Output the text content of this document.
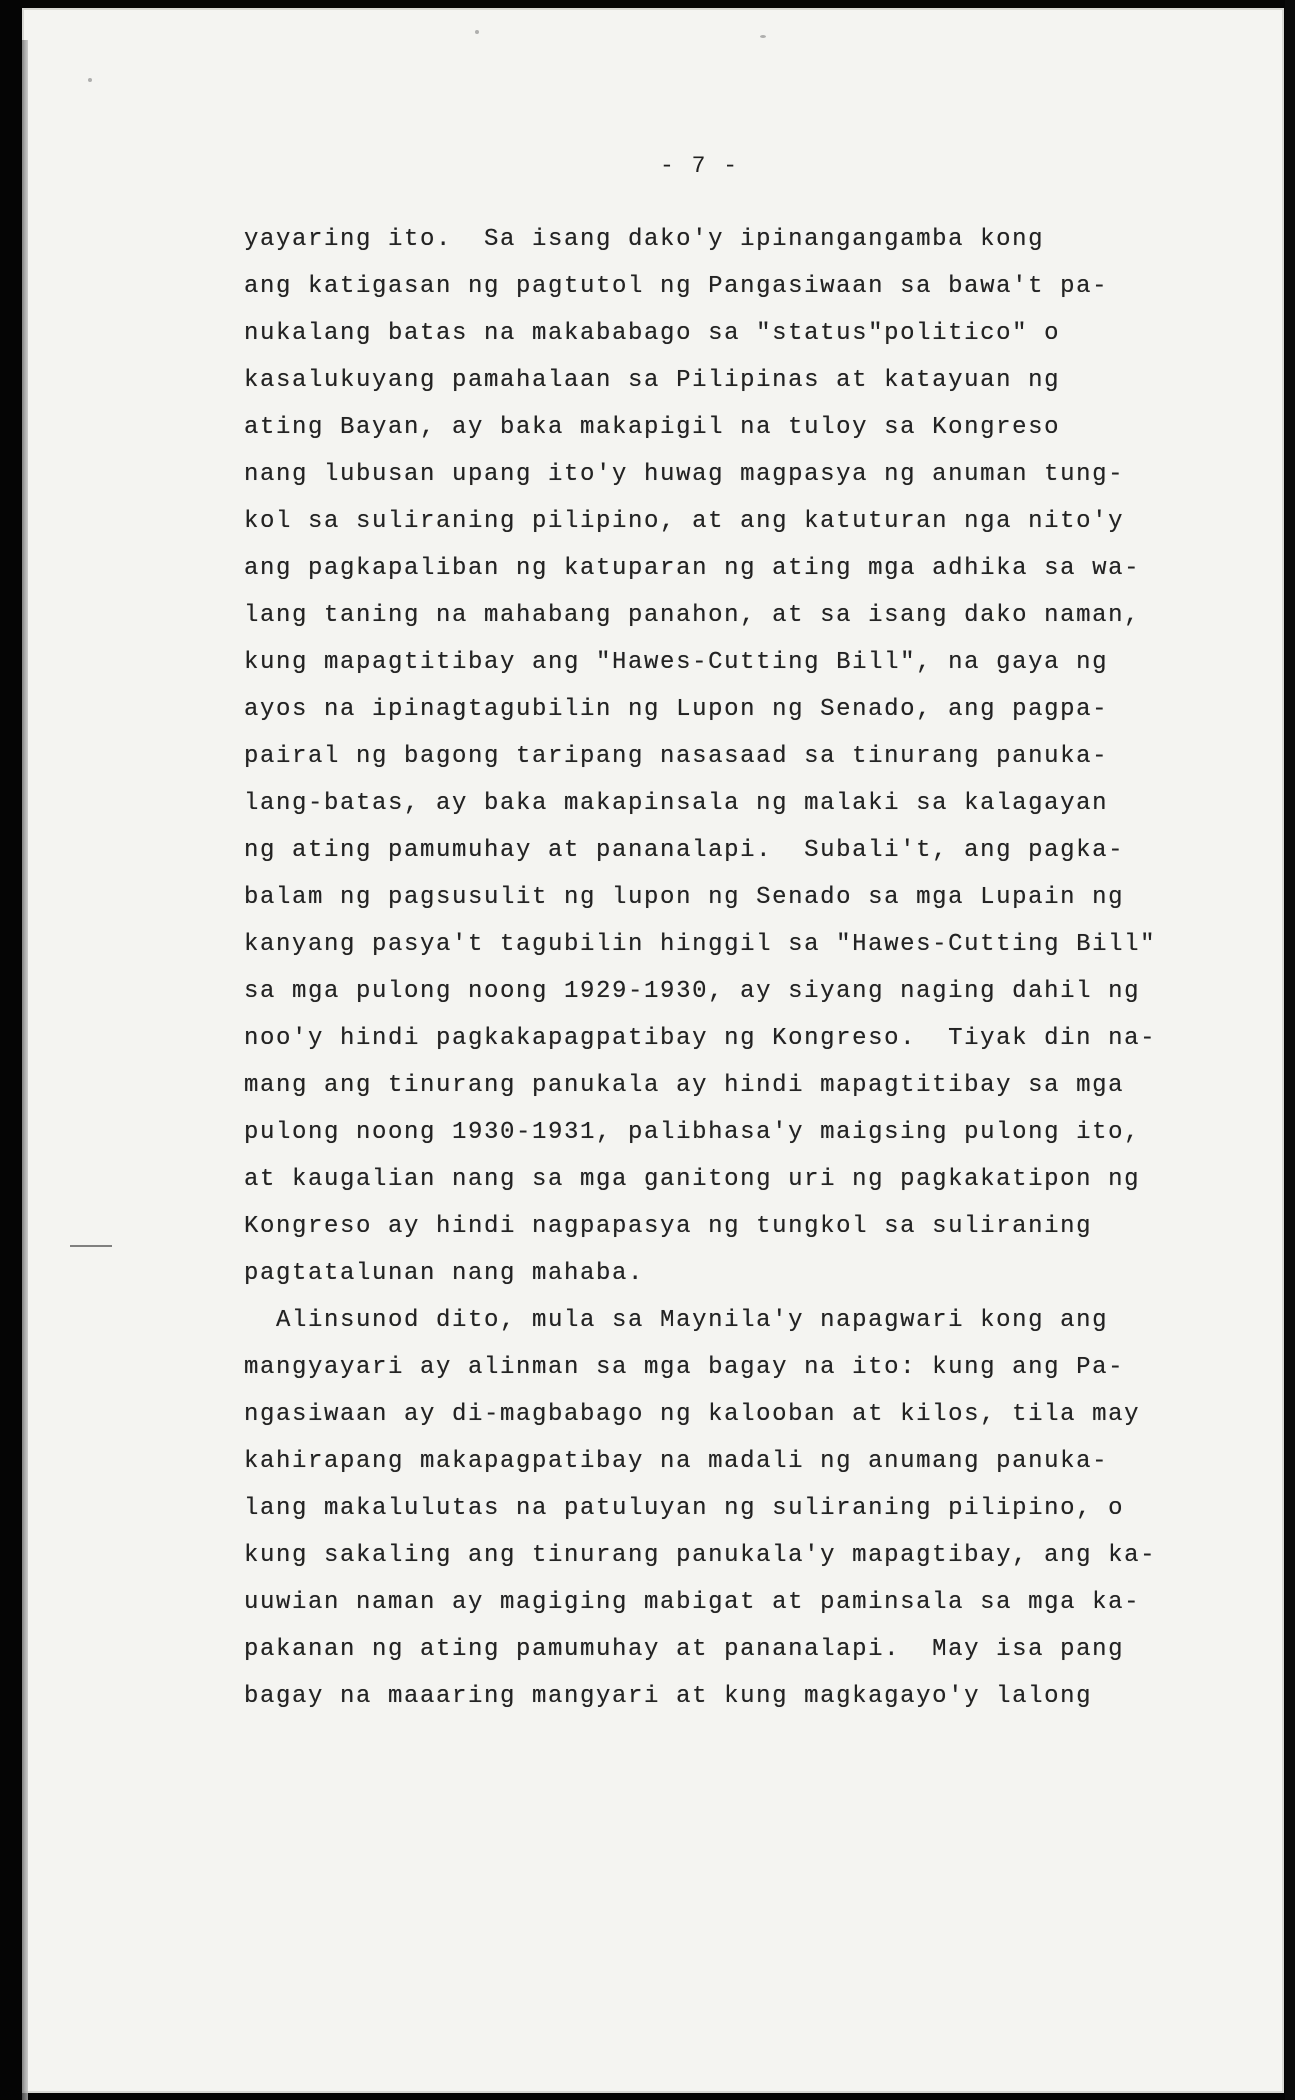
- 7 -
yayaring ito.  Sa isang dako'y ipinangangamba kong
ang katigasan ng pagtutol ng Pangasiwaan sa bawa't pa-
nukalang batas na makababago sa "status"politico" o
kasalukuyang pamahalaan sa Pilipinas at katayuan ng
ating Bayan, ay baka makapigil na tuloy sa Kongreso
nang lubusan upang ito'y huwag magpasya ng anuman tung-
kol sa suliraning pilipino, at ang katuturan nga nito'y
ang pagkapaliban ng katuparan ng ating mga adhika sa wa-
lang taning na mahabang panahon, at sa isang dako naman,
kung mapagtitibay ang "Hawes-Cutting Bill", na gaya ng
ayos na ipinagtagubilin ng Lupon ng Senado, ang pagpa-
pairal ng bagong taripang nasasaad sa tinurang panuka-
lang-batas, ay baka makapinsala ng malaki sa kalagayan
ng ating pamumuhay at pananalapi.  Subali't, ang pagka-
balam ng pagsusulit ng lupon ng Senado sa mga Lupain ng
kanyang pasya't tagubilin hinggil sa "Hawes-Cutting Bill"
sa mga pulong noong 1929-1930, ay siyang naging dahil ng
noo'y hindi pagkakapagpatibay ng Kongreso.  Tiyak din na-
mang ang tinurang panukala ay hindi mapagtitibay sa mga
pulong noong 1930-1931, palibhasa'y maigsing pulong ito,
at kaugalian nang sa mga ganitong uri ng pagkakatipon ng
Kongreso ay hindi nagpapasya ng tungkol sa suliraning
pagtatalunan nang mahaba.
Alinsunod dito, mula sa Maynila'y napagwari kong ang
mangyayari ay alinman sa mga bagay na ito: kung ang Pa-
ngasiwaan ay di-magbabago ng kalooban at kilos, tila may
kahirapang makapagpatibay na madali ng anumang panuka-
lang makalulutas na patuluyan ng suliraning pilipino, o
kung sakaling ang tinurang panukala'y mapagtibay, ang ka-
uuwian naman ay magiging mabigat at paminsala sa mga ka-
pakanan ng ating pamumuhay at pananalapi.  May isa pang
bagay na maaaring mangyari at kung magkagayo'y lalong
